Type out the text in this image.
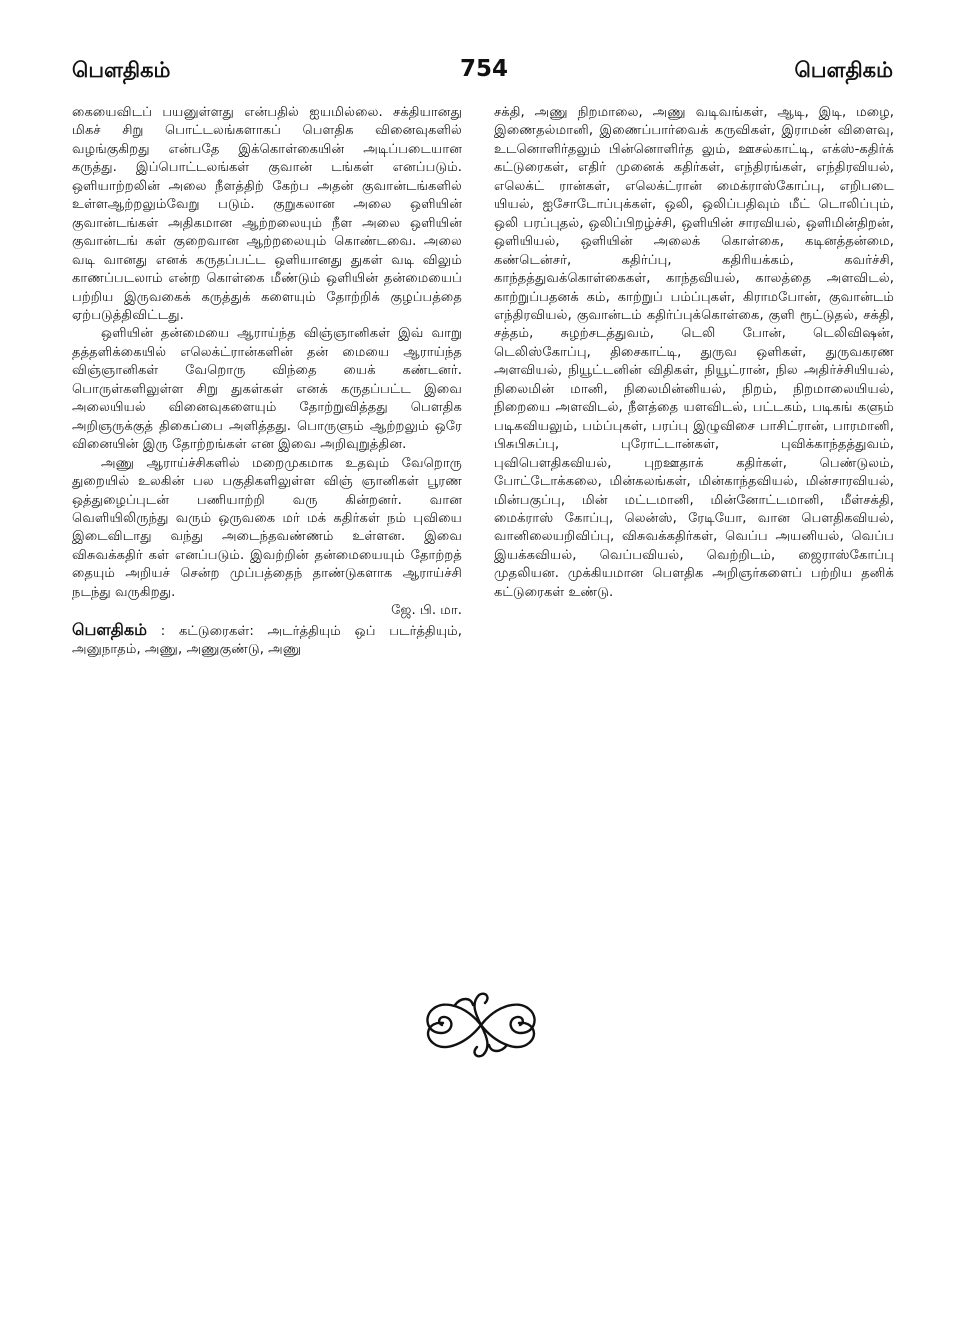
பௌதிகம்	754	பௌதிகம்

கையைவிடப் பயனுள்ளது என்பதில் ஐயமில்லை. சக்தியானது மிகச் சிறு பொட்டலங்களாகப் பௌதிக வினைவுகளில் வழங்குகிறது என்பதே இக்கொள்கையின் அடிப்படையான கருத்து. இப்பொட்டலங்கள் குவான் டங்கள் எனப்படும். ஒளியாற்றலின் அலை நீளத்திற் கேற்ப அதன் குவான்டங்களில் உள்ளஆற்றலும்வேறு படும். குறுகலான அலை ஒளியின் குவான்டங்கள் அதிகமான ஆற்றலையும் நீள அலை ஒளியின் குவான்டங் கள் குறைவான ஆற்றலையும் கொண்டவை. அலை வடி வானது எனக் கருதப்பட்ட ஒளியானது துகள் வடி விலும் காணப்படலாம் என்ற கொள்கை மீண்டும் ஒளியின் தன்மையைப் பற்றிய இருவகைக் கருத்துக் களையும் தோற்றிக் குழப்பத்தை ஏற்படுத்திவிட்டது.

ஒளியின் தன்மையை ஆராய்ந்த விஞ்ஞானிகள் இவ் வாறு தத்தளிக்கையில் எலெக்ட்ரான்களின் தன் மையை ஆராய்ந்த விஞ்ஞானிகள் வேறொரு விந்தை யைக் கண்டனர். பொருள்களிலுள்ள சிறு துகள்கள் எனக் கருதப்பட்ட இவை அலையியல் வினைவுகளையும் தோற்றுவித்தது பௌதிக அறிஞருக்குத் திகைப்பை அளித்தது. பொருளும் ஆற்றலும் ஒரே வினையின் இரு தோற்றங்கள் என இவை அறிவுறுத்தின.

அணு ஆராய்ச்சிகளில் மறைமுகமாக உதவும் வேறொரு துறையில் உலகின் பல பகுதிகளிலுள்ள விஞ் ஞானிகள் பூரண ஒத்துழைப்புடன் பணியாற்றி வரு கின்றனர். வான வெளியிலிருந்து வரும் ஒருவகை மர் மக் கதிர்கள் நம் புவியை இடைவிடாது வந்து அடைந்தவண்ணம் உள்ளன. இவை விசுவக்கதிர் கள் எனப்படும். இவற்றின் தன்மையையும் தோற்றத் தையும் அறியச் சென்ற முப்பத்தைந் தாண்டுகளாக ஆராய்ச்சி நடந்து வருகிறது.

ஜே. பி. மா.

பௌதிகம் : கட்டுரைகள்: அடர்த்தியும் ஒப் படர்த்தியும், அனுநாதம், அணு, அணுகுண்டு, அணு

சக்தி, அணு நிறமாலை, அணு வடிவங்கள், ஆடி, இடி, மழை, இணைதல்மானி, இணைப்பார்வைக் கருவிகள், இராமன் விளைவு, உடனொளிர்தலும் பின்னொளிர்த லும், ஊசல்காட்டி, எக்ஸ்-கதிர்க் கட்டுரைகள், எதிர் முனைக் கதிர்கள், எந்திரங்கள், எந்திரவியல், எலெக்ட் ரான்கள், எலெக்ட்ரான் மைக்ராஸ்கோப்பு, எறிபடை யியல், ஐசோடோப்புக்கள், ஒலி, ஒலிப்பதிவும் மீட் டொலிப்பும், ஒலி பரப்புதல், ஒலிப்பிறழ்ச்சி, ஒளியின் சாரவியல், ஒளிமின்திறன், ஒளியியல், ஒளியின் அலைக் கொள்கை, கடினத்தன்மை, கண்டென்சர், கதிர்ப்பு, கதிரியக்கம், கவர்ச்சி, காந்தத்துவக்கொள்கைகள், காந்தவியல், காலத்தை அளவிடல், காற்றுப்பதனக் கம், காற்றுப் பம்ப்புகள், கிராமபோன், குவான்டம் எந்திரவியல், குவான்டம் கதிர்ப்புக்கொள்கை, குளி ரூட்டுதல், சக்தி, சத்தம், சுழற்சடத்துவம், டெலி போன், டெலிவிஷன், டெலிஸ்கோப்பு, திசைகாட்டி, துருவ ஒளிகள், துருவகரண அளவியல், நியூட்டனின் விதிகள், நியூட்ரான், நில அதிர்ச்சியியல், நிலைமின் மானி, நிலைமின்னியல், நிறம், நிறமாலையியல், நிறையை அளவிடல், நீளத்தை யளவிடல், பட்டகம், படிகங் களும் படிகவியலும், பம்ப்புகள், பரப்பு இழுவிசை பாசிட்ரான், பாரமானி, பிசுபிசுப்பு, புரோட்டான்கள், புவிக்காந்தத்துவம், புவிபௌதிகவியல், புறஊதாக் கதிர்கள், பெண்டுலம், போட்டோக்கலை, மின்கலங்கள், மின்காந்தவியல், மின்சாரவியல், மின்பகுப்பு, மின் மட்டமானி, மின்னோட்டமானி, மீள்சக்தி, மைக்ராஸ் கோப்பு, லென்ஸ், ரேடியோ, வான பௌதிகவியல், வானிலையறிவிப்பு, விசுவக்கதிர்கள், வெப்ப அயனியல், வெப்ப இயக்கவியல், வெப்பவியல், வெற்றிடம், ஜைராஸ்கோப்பு முதலியன. முக்கியமான பௌதிக அறிஞர்களைப் பற்றிய தனிக் கட்டுரைகள் உண்டு.
